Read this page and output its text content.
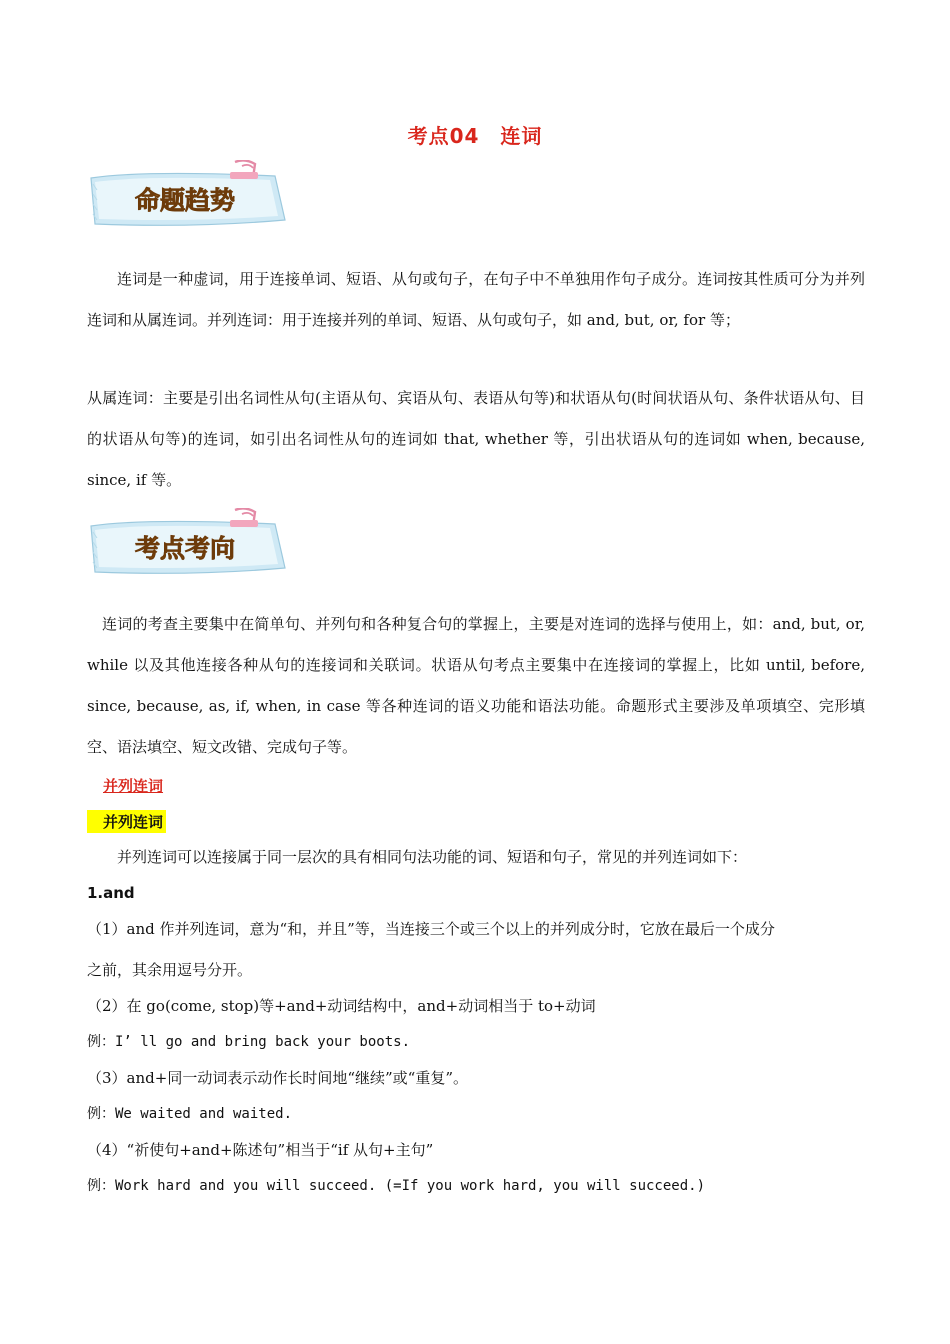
考点04　连词
命题趋势
连词是一种虚词，用于连接单词、短语、从句或句子，在句子中不单独用作句子成分。连词按其性质可分为并列连词和从属连词。并列连词：用于连接并列的单词、短语、从句或句子，如 and, but, or, for 等；
从属连词：主要是引出名词性从句(主语从句、宾语从句、表语从句等)和状语从句(时间状语从句、条件状语从句、目的状语从句等)的连词，如引出名词性从句的连词如 that, whether 等，引出状语从句的连词如 when, because, since, if 等。
考点考向
连词的考查主要集中在简单句、并列句和各种复合句的掌握上，主要是对连词的选择与使用上，如：and, but, or, while 以及其他连接各种从句的连接词和关联词。状语从句考点主要集中在连接词的掌握上，比如 until, before, since, because, as, if, when, in case 等各种连词的语义功能和语法功能。命题形式主要涉及单项填空、完形填空、语法填空、短文改错、完成句子等。
并列连词
并列连词
并列连词可以连接属于同一层次的具有相同句法功能的词、短语和句子，常见的并列连词如下：
1.and
（1）and 作并列连词，意为“和，并且”等，当连接三个或三个以上的并列成分时，它放在最后一个成分
之前，其余用逗号分开。
（2）在 go(come, stop)等+and+动词结构中，and+动词相当于 to+动词
例：I’ ll go and bring back your boots.
（3）and+同一动词表示动作长时间地“继续”或“重复”。
例：We waited and waited.
（4）“祈使句+and+陈述句”相当于“if 从句+主句”
例：Work hard and you will succeed. (=If you work hard, you will succeed.)
